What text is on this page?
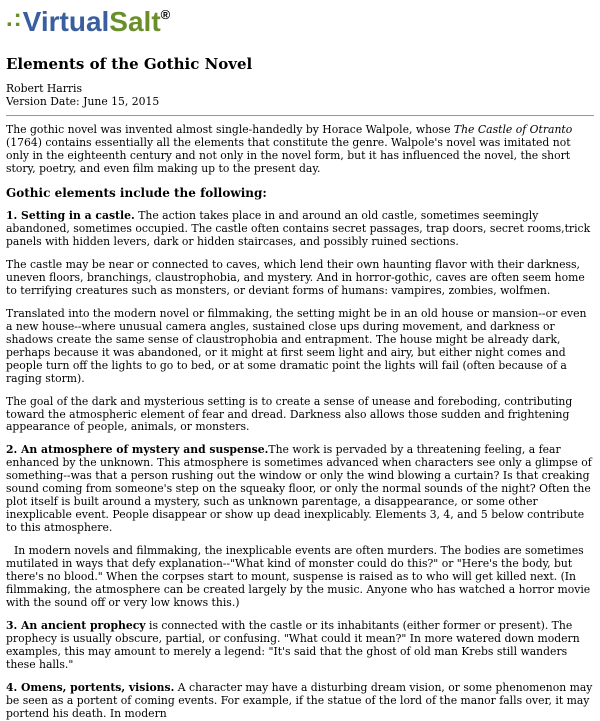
.: Virtual Salt ®
Elements of the Gothic Novel
Robert Harris
Version Date: June 15, 2015

The gothic novel was invented almost single-handedly by Horace Walpole, whose The Castle of Otranto (1764) contains essentially all the elements that constitute the genre. Walpole's novel was imitated not only in the eighteenth century and not only in the novel form, but it has influenced the novel, the short story, poetry, and even film making up to the present day.

Gothic elements include the following:

1. Setting in a castle. The action takes place in and around an old castle, sometimes seemingly abandoned, sometimes occupied. The castle often contains secret passages, trap doors, secret rooms,trick panels with hidden levers, dark or hidden staircases, and possibly ruined sections.

The castle may be near or connected to caves, which lend their own haunting flavor with their darkness, uneven floors, branchings, claustrophobia, and mystery. And in horror-gothic, caves are often seem home to terrifying creatures such as monsters, or deviant forms of humans: vampires, zombies, wolfmen.

Translated into the modern novel or filmmaking, the setting might be in an old house or mansion--or even a new house--where unusual camera angles, sustained close ups during movement, and darkness or shadows create the same sense of claustrophobia and entrapment. The house might be already dark, perhaps because it was abandoned, or it might at first seem light and airy, but either night comes and people turn off the lights to go to bed, or at some dramatic point the lights will fail (often because of a raging storm).

The goal of the dark and mysterious setting is to create a sense of unease and foreboding, contributing toward the atmospheric element of fear and dread. Darkness also allows those sudden and frightening appearance of people, animals, or monsters.

2. An atmosphere of mystery and suspense.The work is pervaded by a threatening feeling, a fear enhanced by the unknown. This atmosphere is sometimes advanced when characters see only a glimpse of something--was that a person rushing out the window or only the wind blowing a curtain? Is that creaking sound coming from someone's step on the squeaky floor, or only the normal sounds of the night? Often the plot itself is built around a mystery, such as unknown parentage, a disappearance, or some other inexplicable event. People disappear or show up dead inexplicably. Elements 3, 4, and 5 below contribute to this atmosphere.

In modern novels and filmmaking, the inexplicable events are often murders. The bodies are sometimes mutilated in ways that defy explanation--"What kind of monster could do this?" or "Here's the body, but there's no blood." When the corpses start to mount, suspense is raised as to who will get killed next. (In filmmaking, the atmosphere can be created largely by the music. Anyone who has watched a horror movie with the sound off or very low knows this.)

3. An ancient prophecy is connected with the castle or its inhabitants (either former or present). The prophecy is usually obscure, partial, or confusing. "What could it mean?" In more watered down modern examples, this may amount to merely a legend: "It's said that the ghost of old man Krebs still wanders these halls."

4. Omens, portents, visions. A character may have a disturbing dream vision, or some phenomenon may be seen as a portent of coming events. For example, if the statue of the lord of the manor falls over, it may portend his death. In modern
